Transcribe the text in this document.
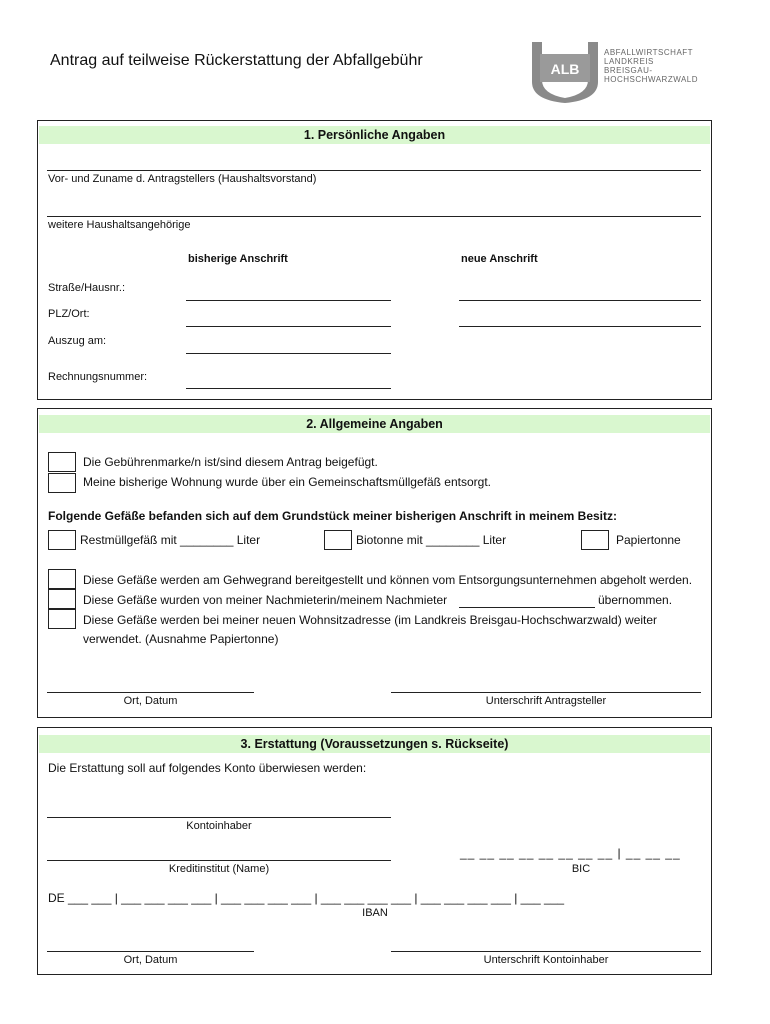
Antrag auf teilweise Rückerstattung der Abfallgebühr	ALB
ABFALLWIRTSCHAFT
LANDKREIS
BREISGAU-
HOCHSCHWARZWALD
1. Persönliche Angaben
Vor- und Zuname d. Antragstellers (Haushaltsvorstand)
weitere Haushaltsangehörige
bisherige Anschrift	neue Anschrift
Straße/Hausnr.:
PLZ/Ort:
Auszug am:
Rechnungsnummer:
2. Allgemeine Angaben
Die Gebührenmarke/n ist/sind diesem Antrag beigefügt.
Meine bisherige Wohnung wurde über ein Gemeinschaftsmüllgefäß entsorgt.
Folgende Gefäße befanden sich auf dem Grundstück meiner bisherigen Anschrift in meinem Besitz:
Restmüllgefäß mit ________ Liter	Biotonne mit ________ Liter	Papiertonne
Diese Gefäße werden am Gehwegrand bereitgestellt und können vom Entsorgungsunternehmen abgeholt werden.
Diese Gefäße wurden von meiner Nachmieterin/meinem Nachmieter	übernommen.
Diese Gefäße werden bei meiner neuen Wohnsitzadresse (im Landkreis Breisgau-Hochschwarzwald) weiter
verwendet. (Ausnahme Papiertonne)
Ort, Datum	Unterschrift Antragsteller
3. Erstattung (Voraussetzungen s. Rückseite)
Die Erstattung soll auf folgendes Konto überwiesen werden:
Kontoinhaber
Kreditinstitut (Name)
__ __ __ __ __ __ __ __ | __ __ __
BIC
DE ___ ___ | ___ ___ ___ ___ | ___ ___ ___ ___ | ___ ___ ___ ___ | ___ ___ ___ ___ | ___ ___
IBAN
Ort, Datum	Unterschrift Kontoinhaber
